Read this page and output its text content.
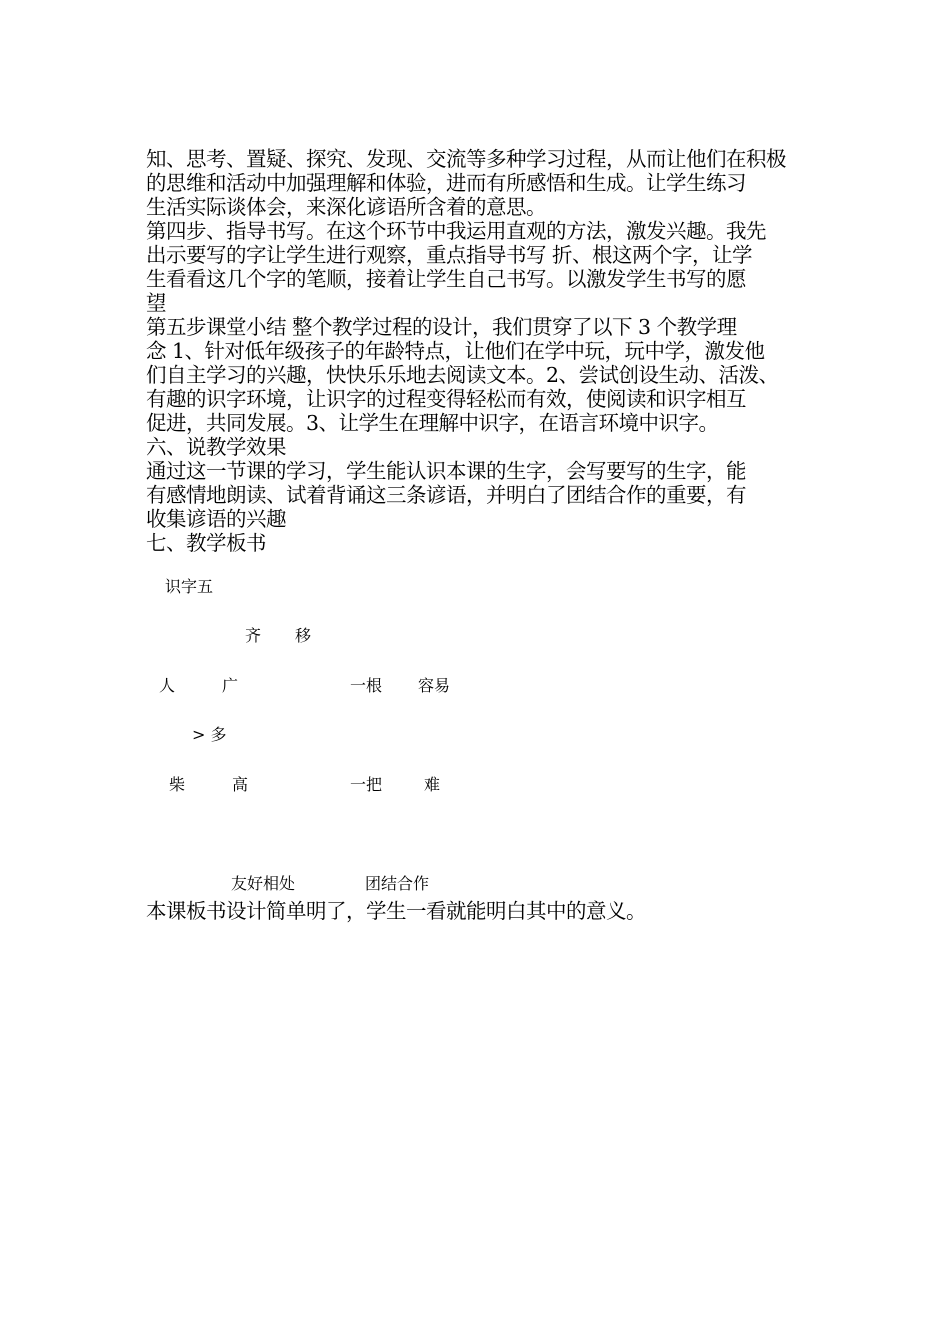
知、思考、置疑、探究、发现、交流等多种学习过程，从而让他们在积极
的思维和活动中加强理解和体验，进而有所感悟和生成。让学生练习
生活实际谈体会，来深化谚语所含着的意思。
第四步、指导书写。在这个环节中我运用直观的方法，激发兴趣。我先
出示要写的字让学生进行观察，重点指导书写 折、根这两个字，让学
生看看这几个字的笔顺，接着让学生自己书写。以激发学生书写的愿
望
第五步课堂小结 整个教学过程的设计，我们贯穿了以下 3 个教学理
念 1、针对低年级孩子的年龄特点，让他们在学中玩，玩中学，激发他
们自主学习的兴趣，快快乐乐地去阅读文本。2、尝试创设生动、活泼、
有趣的识字环境，让识字的过程变得轻松而有效，使阅读和识字相互
促进，共同发展。3、让学生在理解中识字，在语言环境中识字。
六、说教学效果
通过这一节课的学习，学生能认识本课的生字，会写要写的生字，能
有感情地朗读、试着背诵这三条谚语，并明白了团结合作的重要，有
收集谚语的兴趣
七、教学板书
识字五
齐 移
人	广	一根 容易
> 多
柴	高	一把	难
友好相处	团结合作
本课板书设计简单明了，学生一看就能明白其中的意义。
